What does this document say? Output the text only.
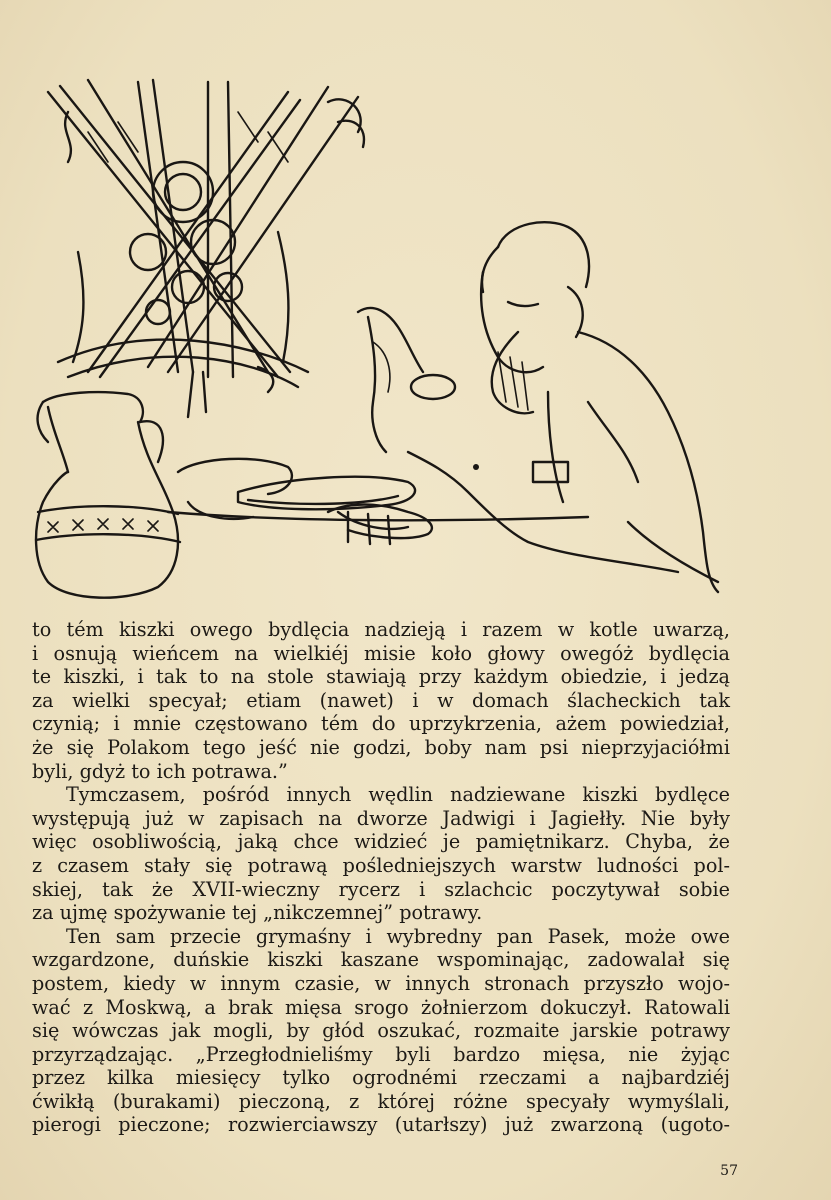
to tém kiszki owego bydlęcia nadzieją i razem w kotle uwarzą,
i osnują wieńcem na wielkiéj misie koło głowy owegóż bydlęcia
te kiszki, i tak to na stole stawiają przy każdym obiedzie, i jedzą
za wielki specyał; etiam (nawet) i w domach ślacheckich tak
czynią; i mnie częstowano tém do uprzykrzenia, ażem powiedział,
że się Polakom tego jeść nie godzi, boby nam psi nieprzyjaciółmi
byli, gdyż to ich potrawa.”
Tymczasem, pośród innych wędlin nadziewane kiszki bydlęce
występują już w zapisach na dworze Jadwigi i Jagiełły. Nie były
więc osobliwością, jaką chce widzieć je pamiętnikarz. Chyba, że
z czasem stały się potrawą pośledniejszych warstw ludności pol-
skiej, tak że XVII-wieczny rycerz i szlachcic poczytywał sobie
za ujmę spożywanie tej „nikczemnej” potrawy.
Ten sam przecie grymaśny i wybredny pan Pasek, może owe
wzgardzone, duńskie kiszki kaszane wspominając, zadowalał się
postem, kiedy w innym czasie, w innych stronach przyszło wojo-
wać z Moskwą, a brak mięsa srogo żołnierzom dokuczył. Ratowali
się wówczas jak mogli, by głód oszukać, rozmaite jarskie potrawy
przyrządzając. „Przegłodnieliśmy byli bardzo mięsa, nie żyjąc
przez kilka miesięcy tylko ogrodnémi rzeczami a najbardziéj
ćwikłą (burakami) pieczoną, z której różne specyały wymyślali,
pierogi pieczone; rozwierciawszy (utarłszy) już zwarzoną (ugoto-
57
